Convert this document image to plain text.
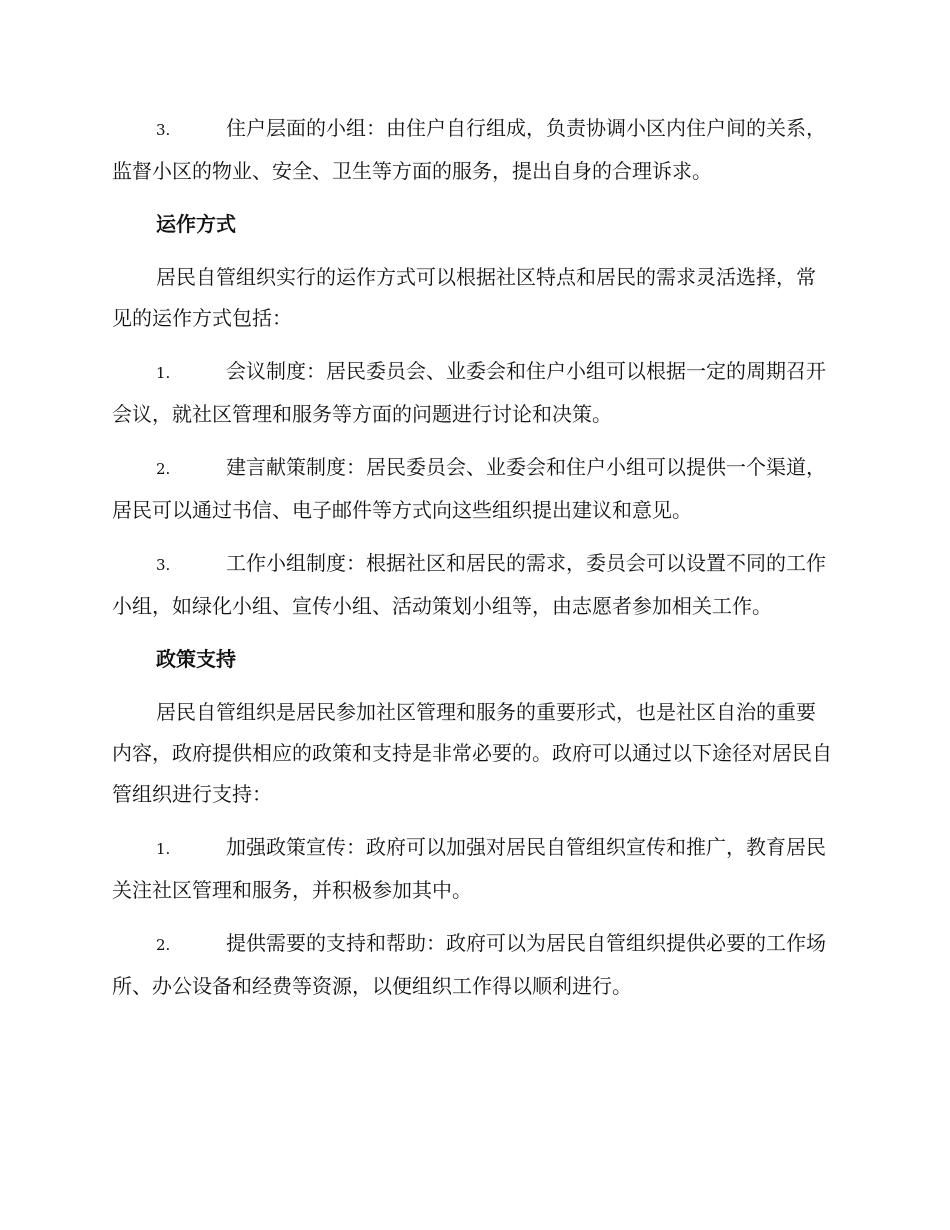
3.	住户层面的小组：由住户自行组成，负责协调小区内住户间的关系，监督小区的物业、安全、卫生等方面的服务，提出自身的合理诉求。

运作方式

居民自管组织实行的运作方式可以根据社区特点和居民的需求灵活选择，常见的运作方式包括：

1.	会议制度：居民委员会、业委会和住户小组可以根据一定的周期召开会议，就社区管理和服务等方面的问题进行讨论和决策。

2.	建言献策制度：居民委员会、业委会和住户小组可以提供一个渠道，居民可以通过书信、电子邮件等方式向这些组织提出建议和意见。

3.	工作小组制度：根据社区和居民的需求，委员会可以设置不同的工作小组，如绿化小组、宣传小组、活动策划小组等，由志愿者参加相关工作。

政策支持

居民自管组织是居民参加社区管理和服务的重要形式，也是社区自治的重要内容，政府提供相应的政策和支持是非常必要的。政府可以通过以下途径对居民自管组织进行支持：

1.	加强政策宣传：政府可以加强对居民自管组织宣传和推广，教育居民关注社区管理和服务，并积极参加其中。

2.	提供需要的支持和帮助：政府可以为居民自管组织提供必要的工作场所、办公设备和经费等资源，以便组织工作得以顺利进行。
